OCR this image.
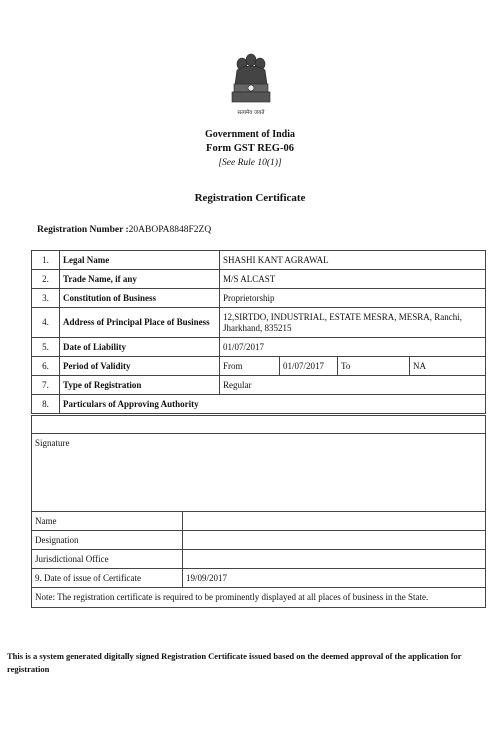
सत्यमेव जयते
Government of India
Form GST REG-06
[See Rule 10(1)]
Registration Certificate
Registration Number :20ABOPA8848F2ZQ
1.	Legal Name	SHASHI KANT AGRAWAL			
2.	Trade Name, if any	M/S ALCAST			
3.	Constitution of Business	Proprietorship			
4.	Address of Principal Place of Business	12,SIRTDO, INDUSTRIAL, ESTATE MESRA, MESRA, Ranchi, Jharkhand, 835215			
5.	Date of Liability	01/07/2017			
6.	Period of Validity	From	01/07/2017	To	NA
7.	Type of Registration	Regular			
8.	Particulars of Approving Authority				

Signature	
Name	
Designation	
Jurisdictional Office	
9. Date of issue of Certificate	19/09/2017
Note: The registration certificate is required to be prominently displayed at all places of business in the State.	
This is a system generated digitally signed Registration Certificate issued based on the deemed approval of the application for registration
